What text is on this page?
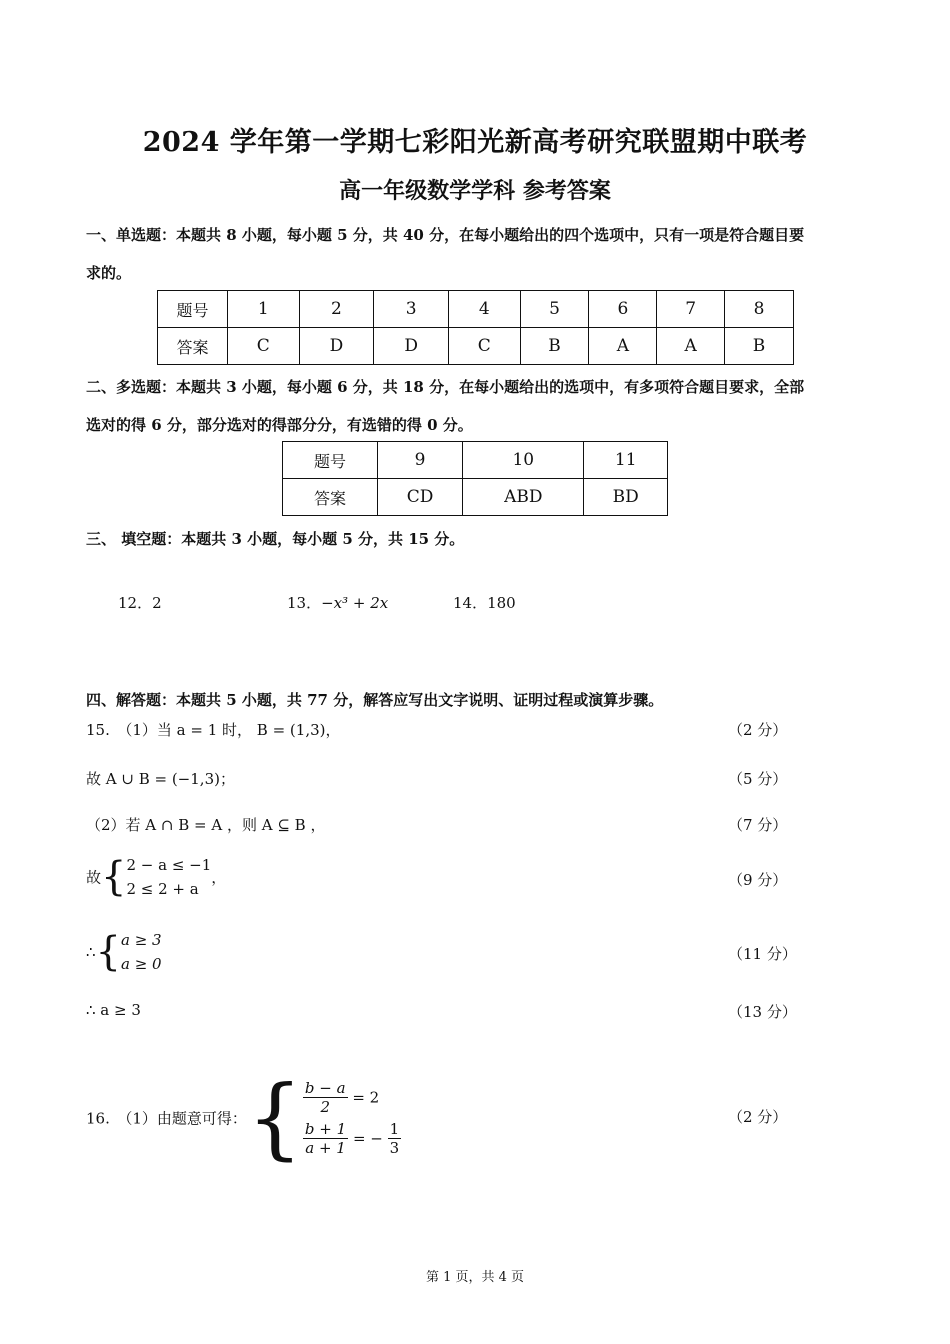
2024 学年第一学期七彩阳光新高考研究联盟期中联考
高一年级数学学科 参考答案
一、单选题：本题共 8 小题，每小题 5 分，共 40 分，在每小题给出的四个选项中，只有一项是符合题目要
求的。
题号	1	2	3	4	5	6	7	8
答案	C	D	D	C	B	A	A	B
二、多选题：本题共 3 小题，每小题 6 分，共 18 分，在每小题给出的选项中，有多项符合题目要求，全部
选对的得 6 分，部分选对的得部分分，有选错的得 0 分。
题号	9	10	11
答案	CD	ABD	BD
三、 填空题：本题共 3 小题，每小题 5 分，共 15 分。
12．2	13．−x³ + 2x	14．180
四、解答题：本题共 5 小题，共 77 分，解答应写出文字说明、证明过程或演算步骤。
15.　（1）当 a = 1 时， B = (1,3)，	（2 分）
故 A ∪ B = (−1,3)；	（5 分）
（2）若 A ∩ B = A ，则 A ⊆ B ，	（7 分）
故{ 2 − a ≤ −1
2 ≤ 2 + a
，	（9 分）
∴{ a ≥ 3
a ≥ 0
（11 分）
∴ a ≥ 3	（13 分）
16.　（1）由题意可得：{ $\frac{b - a}{2} = 2$
$\frac{b + 1}{a + 1}$ = − $\frac{1}{3}$
（2 分）
第 1 页，共 4 页
